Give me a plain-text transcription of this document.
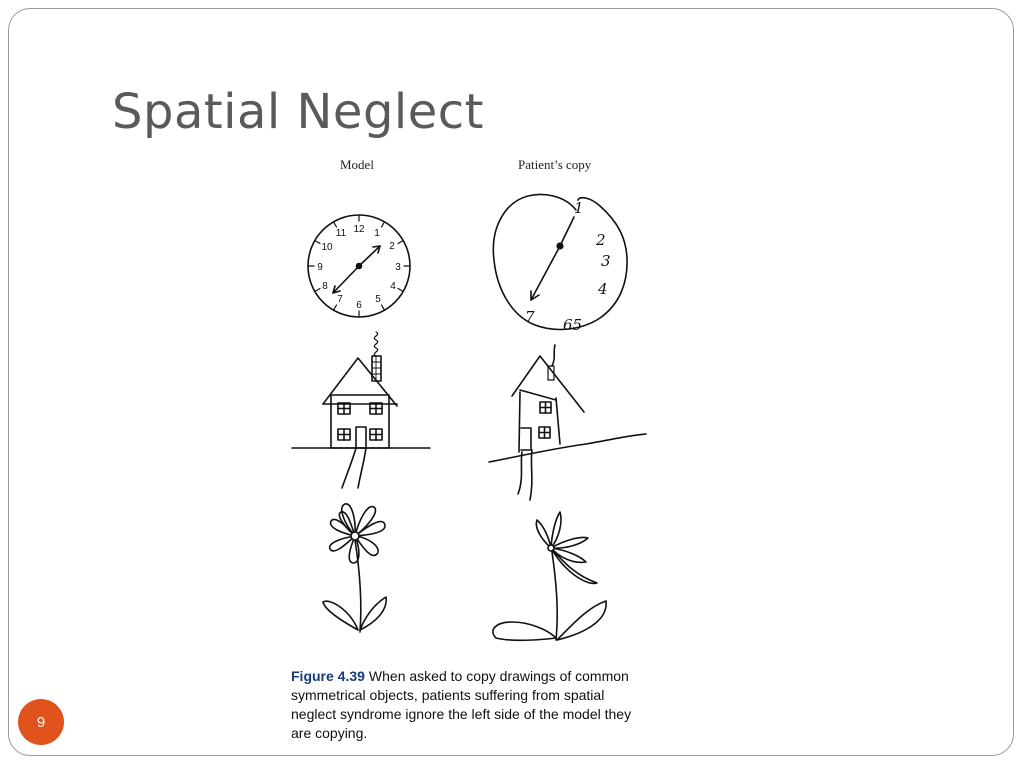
Spatial Neglect
Model	Patient’s copy
12 1
2
3
4
5
6
7
8
9
10
11
1
2
3
4
65
7
Figure 4.39 When asked to copy drawings of common symmetrical objects, patients suffering from spatial neglect syndrome ignore the left side of the model they are copying.
9
